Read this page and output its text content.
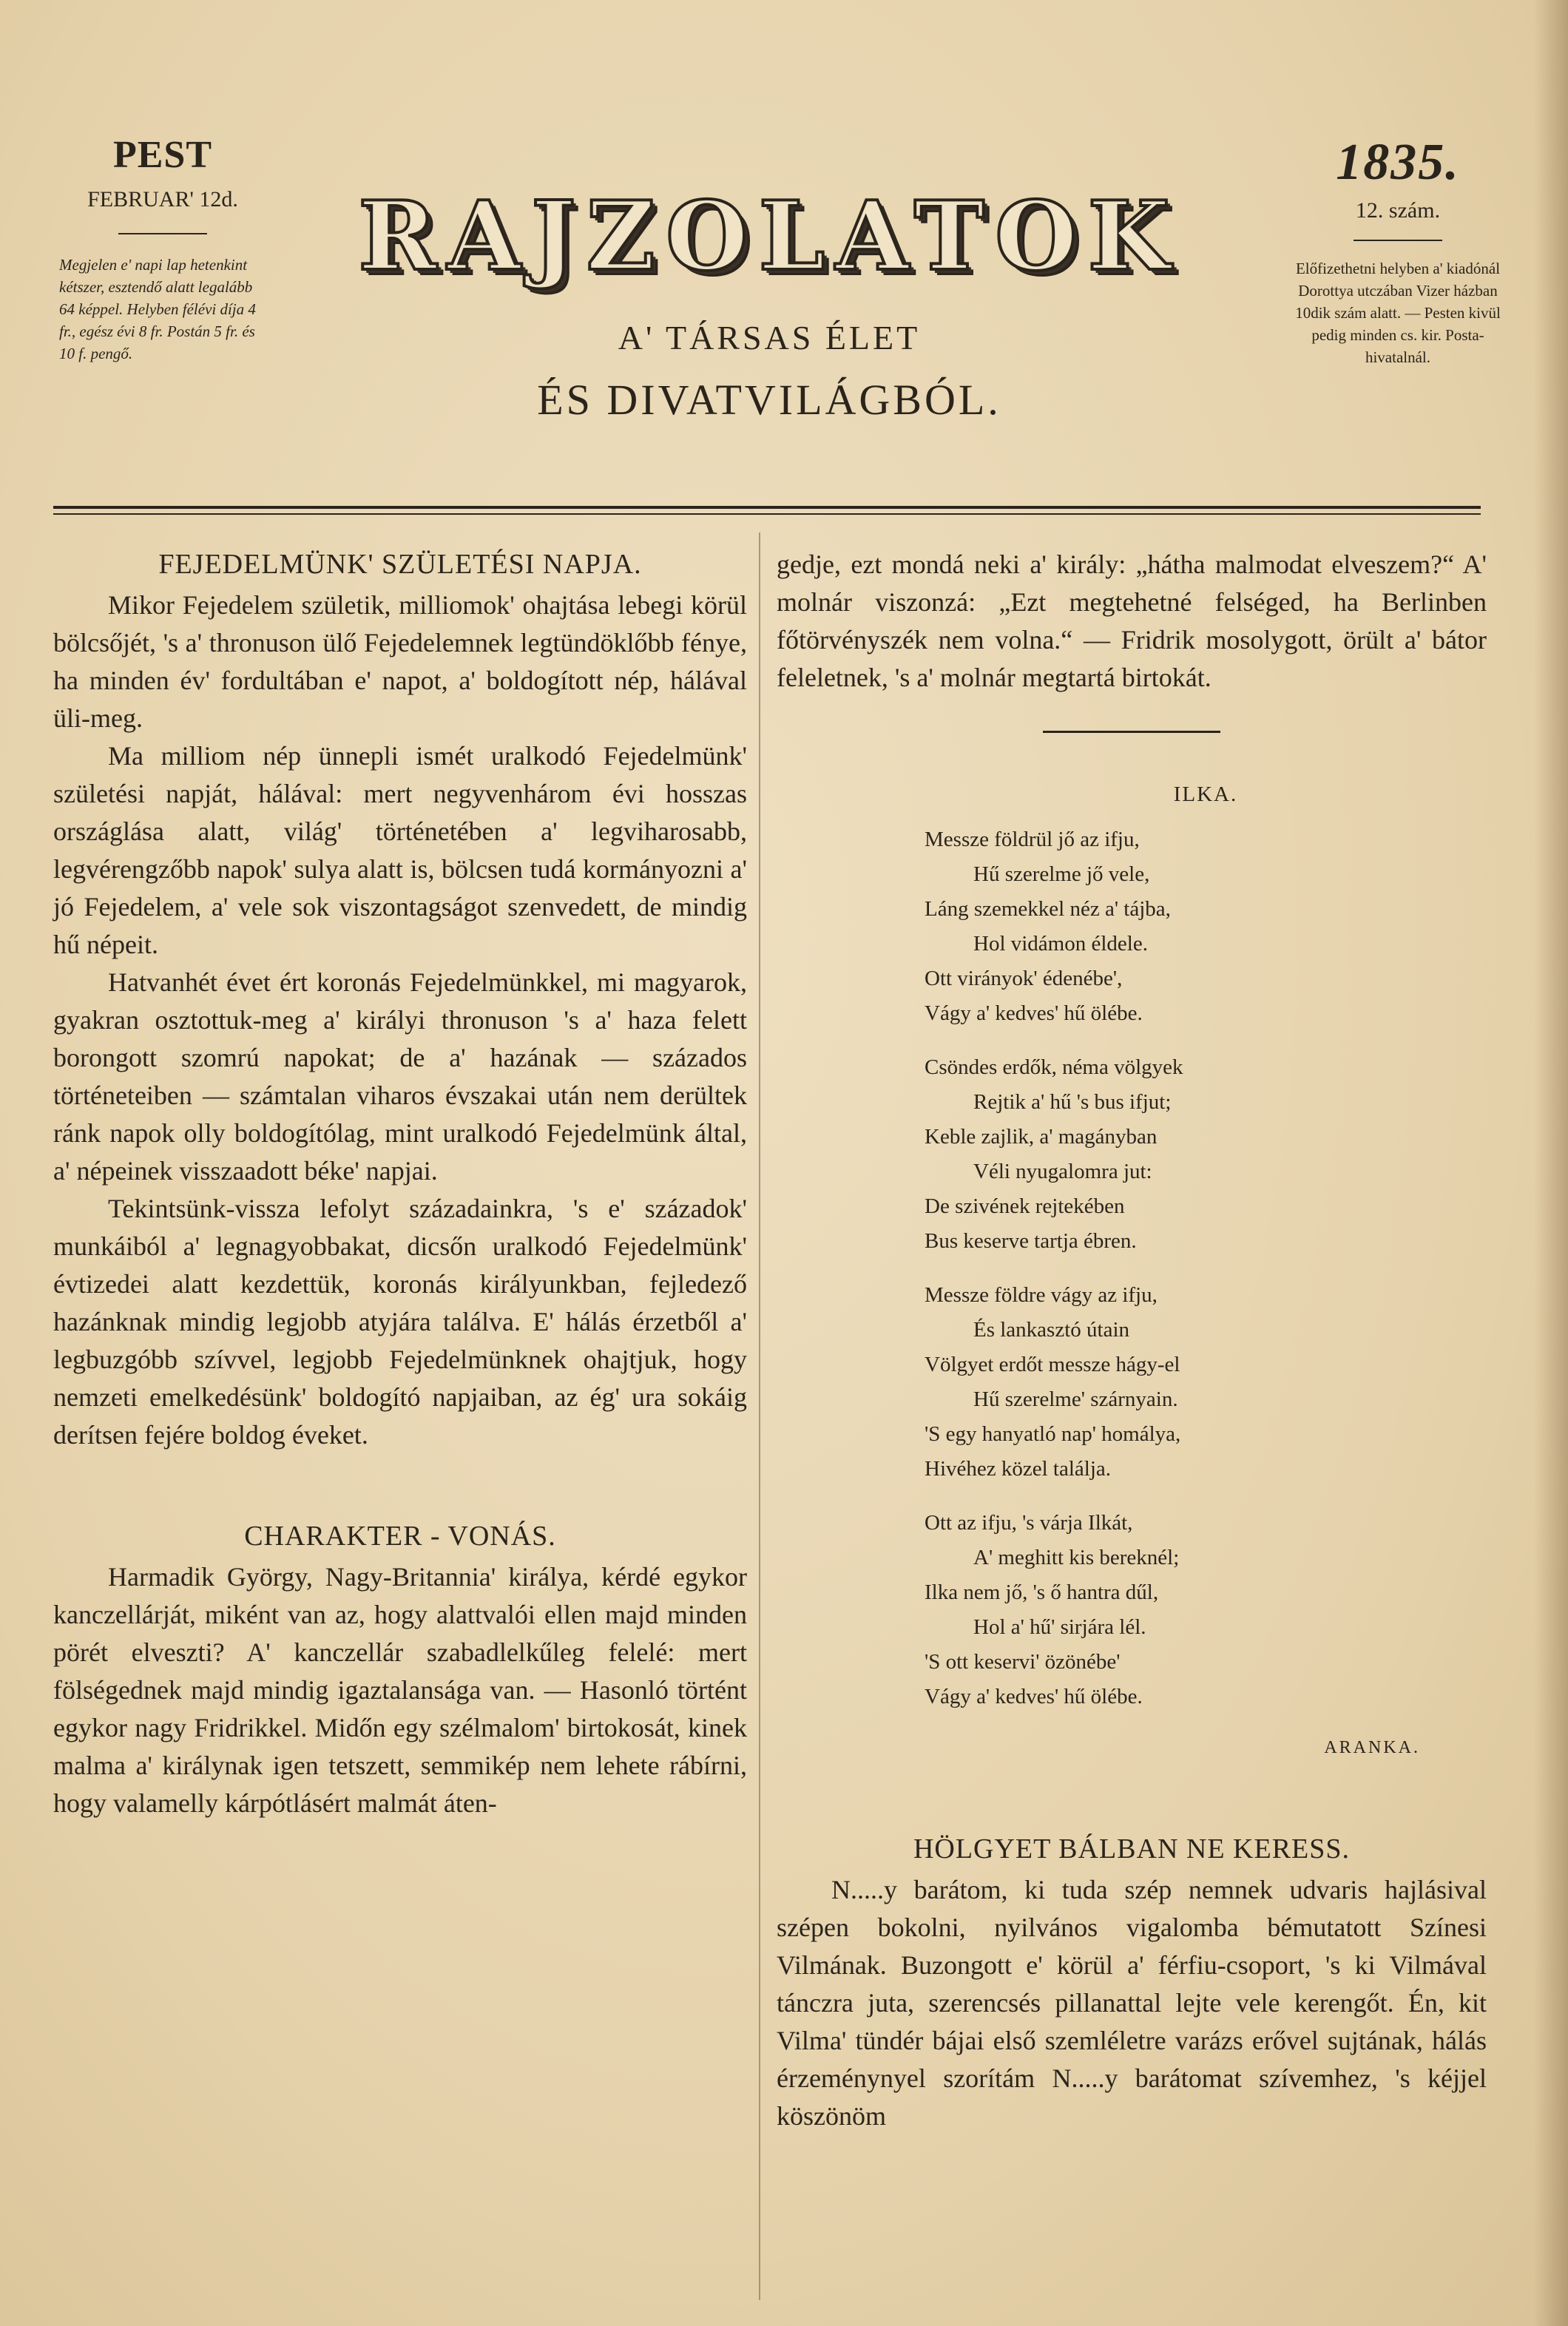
PEST
FEBRUAR' 12d.
Megjelen e' napi lap hetenkint kétszer, esztendő alatt legalább 64 képpel. Helyben félévi díja 4 fr., egész évi 8 fr. Postán 5 fr. és 10 f. pengő.
RAJZOLATOK
A' TÁRSAS ÉLET
ÉS DIVATVILÁGBÓL.
1835.
12. szám.
Előfizethetni helyben a' kiadónál Dorottya utczában Vizer házban 10dik szám alatt. — Pesten kivül pedig minden cs. kir. Posta-hivatalnál.
FEJEDELMÜNK' SZÜLETÉSI NAPJA.

Mikor Fejedelem születik, milliomok' ohajtása lebegi körül bölcsőjét, 's a' thronuson ülő Fejedelemnek legtündöklőbb fénye, ha minden év' fordultában e' napot, a' boldogított nép, hálával üli-meg.

Ma milliom nép ünnepli ismét uralkodó Fejedelmünk' születési napját, hálával: mert negyvenhárom évi hosszas országlása alatt, világ' történetében a' legviharosabb, legvérengzőbb napok' sulya alatt is, bölcsen tudá kormányozni a' jó Fejedelem, a' vele sok viszontagságot szenvedett, de mindig hű népeit.

Hatvanhét évet ért koronás Fejedelmünkkel, mi magyarok, gyakran osztottuk-meg a' királyi thronuson 's a' haza felett borongott szomrú napokat; de a' hazának — százados történeteiben — számtalan viharos évszakai után nem derültek ránk napok olly boldogítólag, mint uralkodó Fejedelmünk által, a' népeinek visszaadott béke' napjai.

Tekintsünk-vissza lefolyt századainkra, 's e' századok' munkáiból a' legnagyobbakat, dicsőn uralkodó Fejedelmünk' évtizedei alatt kezdettük, koronás királyunkban, fejledező hazánknak mindig legjobb atyjára találva. E' hálás érzetből a' legbuzgóbb szívvel, legjobb Fejedelmünknek ohajtjuk, hogy nemzeti emelkedésünk' boldogító napjaiban, az ég' ura sokáig derítsen fejére boldog éveket.

CHARAKTER - VONÁS.

Harmadik György, Nagy-Britannia' királya, kérdé egykor kanczellárját, miként van az, hogy alattvalói ellen majd minden pörét elveszti? A' kanczellár szabadlelkűleg felelé: mert fölségednek majd mindig igaztalansága van. — Hasonló történt egykor nagy Fridrikkel. Midőn egy szélmalom' birtokosát, kinek malma a' királynak igen tetszett, semmikép nem lehete rábírni, hogy valamelly kárpótlásért malmát áten-

gedje, ezt mondá neki a' király: „hátha malmodat elveszem?“ A' molnár viszonzá: „Ezt megtehetné felséged, ha Berlinben főtörvényszék nem volna.“ — Fridrik mosolygott, örült a' bátor feleletnek, 's a' molnár megtartá birtokát.

ILKA.
Messze földrül jő az ifju,
Hű szerelme jő vele,
Láng szemekkel néz a' tájba,
Hol vidámon éldele.
Ott virányok' édenébe',
Vágy a' kedves' hű ölébe.
Csöndes erdők, néma völgyek
Rejtik a' hű 's bus ifjut;
Keble zajlik, a' magányban
Véli nyugalomra jut:
De szivének rejtekében
Bus keserve tartja ébren.
Messze földre vágy az ifju,
És lankasztó útain
Völgyet erdőt messze hágy-el
Hű szerelme' szárnyain.
'S egy hanyatló nap' homálya,
Hivéhez közel találja.
Ott az ifju, 's várja Ilkát,
A' meghitt kis bereknél;
Ilka nem jő, 's ő hantra dűl,
Hol a' hű' sirjára lél.
'S ott keservi' özönébe'
Vágy a' kedves' hű ölébe.
ARANKA.
HÖLGYET BÁLBAN NE KERESS.

N.....y barátom, ki tuda szép nemnek udvaris hajlásival szépen bokolni, nyilvános vigalomba bémutatott Színesi Vilmának. Buzongott e' körül a' férfiu-csoport, 's ki Vilmával tánczra juta, szerencsés pillanattal lejte vele kerengőt. Én, kit Vilma' tündér bájai első szemléletre varázs erővel sujtának, hálás érzeménynyel szorítám N.....y barátomat szívemhez, 's kéjjel köszönöm
